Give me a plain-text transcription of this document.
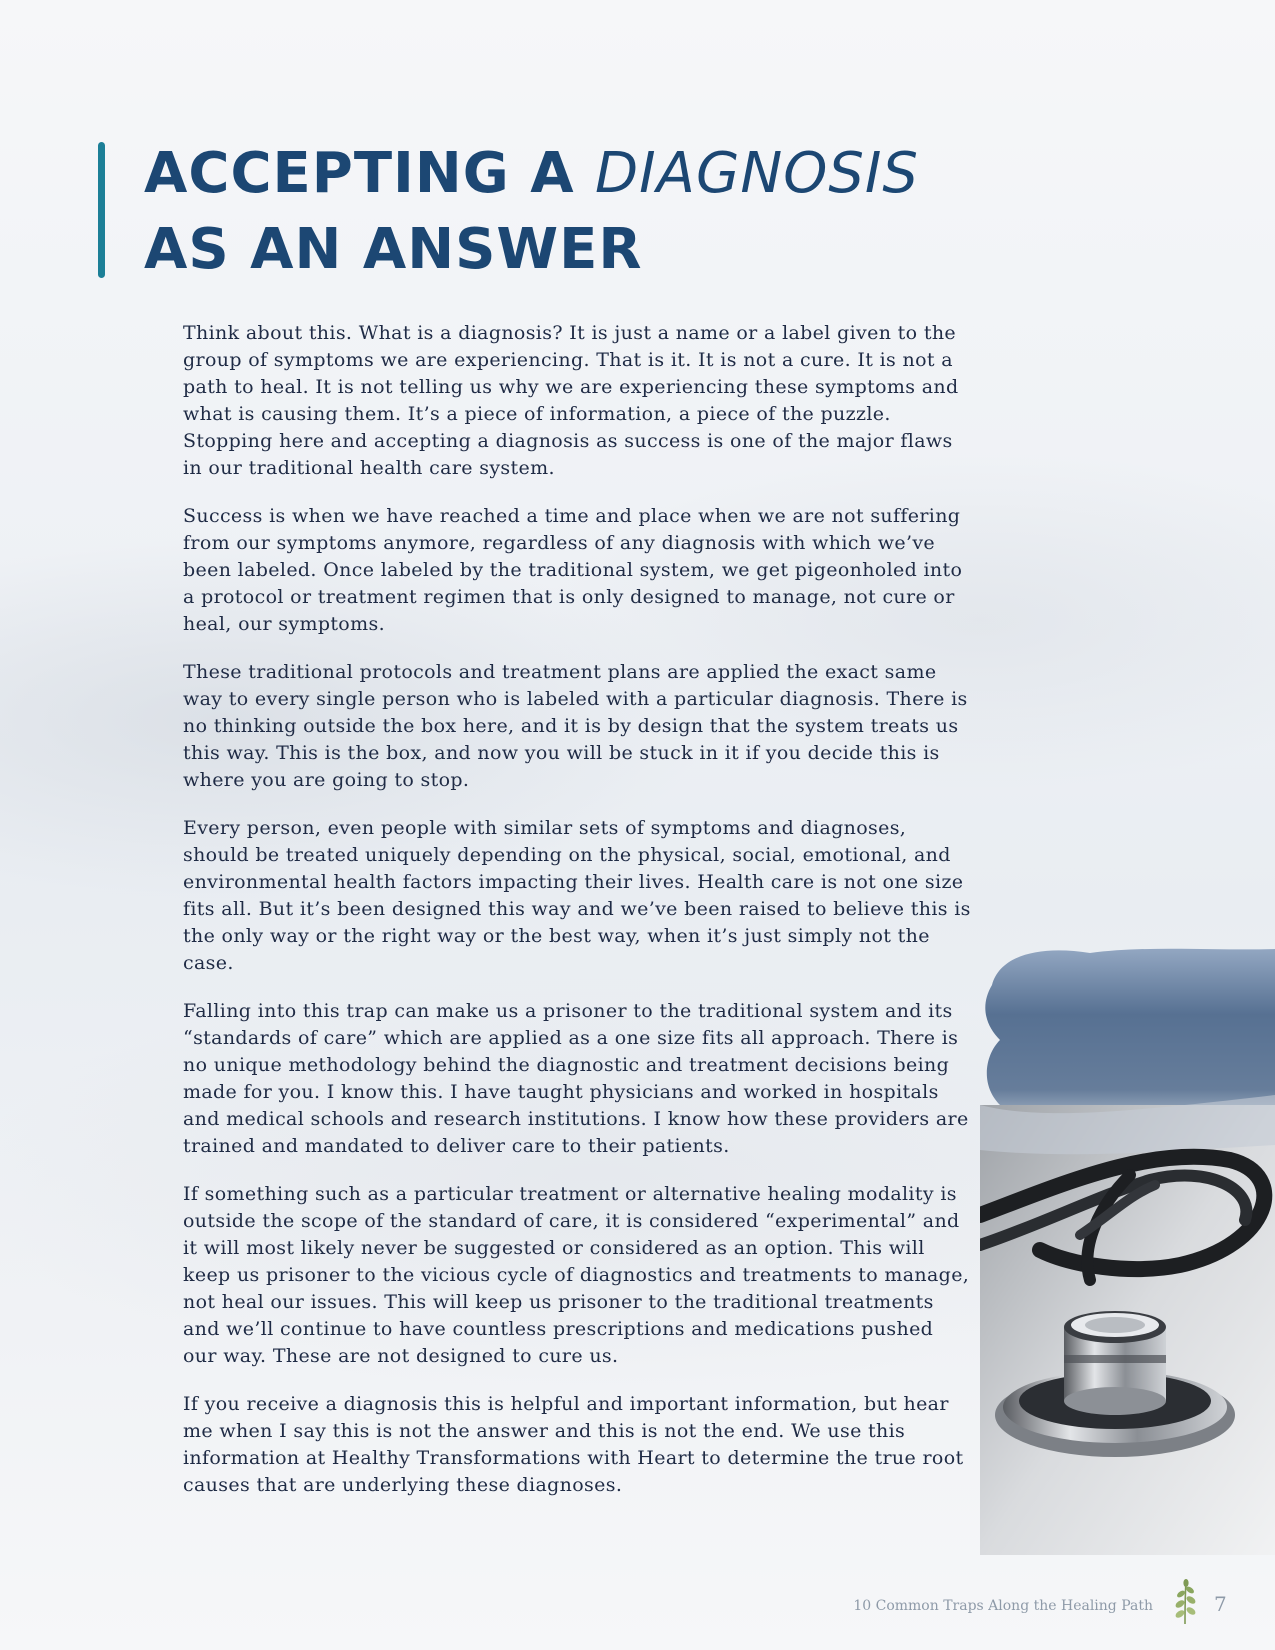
ACCEPTING A DIAGNOSIS
AS AN ANSWER

Think about this. What is a diagnosis? It is just a name or a label given to the group of symptoms we are experiencing. That is it. It is not a cure. It is not a path to heal. It is not telling us why we are experiencing these symptoms and what is causing them. It’s a piece of information, a piece of the puzzle. Stopping here and accepting a diagnosis as success is one of the major flaws in our traditional health care system.

Success is when we have reached a time and place when we are not suffering from our symptoms anymore, regardless of any diagnosis with which we’ve been labeled. Once labeled by the traditional system, we get pigeonholed into a protocol or treatment regimen that is only designed to manage, not cure or heal, our symptoms.

These traditional protocols and treatment plans are applied the exact same way to every single person who is labeled with a particular diagnosis. There is no thinking outside the box here, and it is by design that the system treats us this way. This is the box, and now you will be stuck in it if you decide this is where you are going to stop.

Every person, even people with similar sets of symptoms and diagnoses, should be treated uniquely depending on the physical, social, emotional, and environmental health factors impacting their lives. Health care is not one size fits all. But it’s been designed this way and we’ve been raised to believe this is the only way or the right way or the best way, when it’s just simply not the case.

Falling into this trap can make us a prisoner to the traditional system and its “standards of care” which are applied as a one size fits all approach. There is no unique methodology behind the diagnostic and treatment decisions being made for you. I know this. I have taught physicians and worked in hospitals and medical schools and research institutions. I know how these providers are trained and mandated to deliver care to their patients.

If something such as a particular treatment or alternative healing modality is outside the scope of the standard of care, it is considered “experimental” and it will most likely never be suggested or considered as an option. This will keep us prisoner to the vicious cycle of diagnostics and treatments to manage, not heal our issues. This will keep us prisoner to the traditional treatments and we’ll continue to have countless prescriptions and medications pushed our way. These are not designed to cure us.

If you receive a diagnosis this is helpful and important information, but hear me when I say this is not the answer and this is not the end. We use this information at Healthy Transformations with Heart to determine the true root causes that are underlying these diagnoses.

10 Common Traps Along the Healing Path	7
